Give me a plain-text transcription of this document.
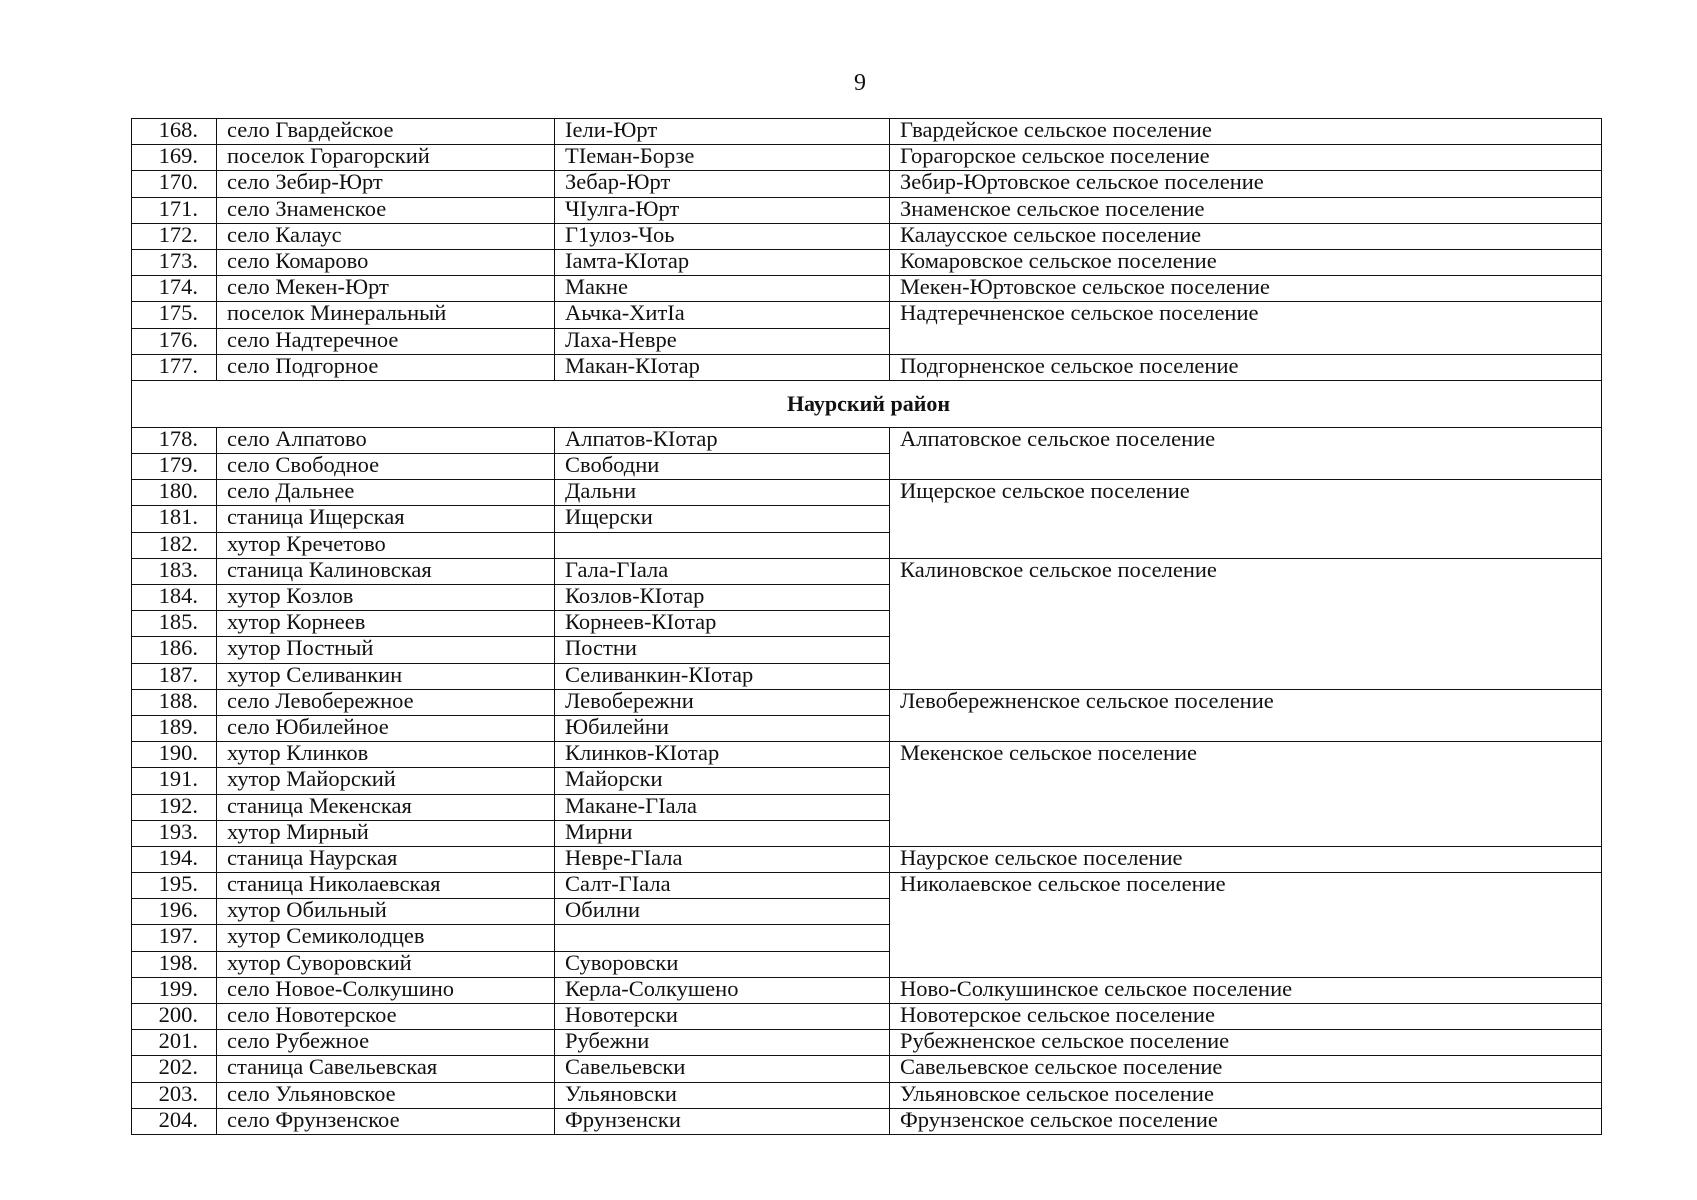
9
168.	село Гвардейское	Iели-Юрт	Гвардейское сельское поселение
169.	поселок Горагорский	ТIеман-Борзе	Горагорское сельское поселение
170.	село Зебир-Юрт	Зебар-Юрт	Зебир-Юртовское сельское поселение
171.	село Знаменское	ЧIулга-Юрт	Знаменское сельское поселение
172.	село Калаус	Г1улоз-Чоь	Калаусское сельское поселение
173.	село Комарово	Iамта-КIотар	Комаровское сельское поселение
174.	село Мекен-Юрт	Макне	Мекен-Юртовское сельское поселение
175.	поселок Минеральный	Аьчка-ХитIа	Надтеречненское сельское поселение
176.	село Надтеречное	Лаха-Невре	
177.	село Подгорное	Макан-КIотар	Подгорненское сельское поселение
Наурский район			
178.	село Алпатово	Алпатов-КIотар	Алпатовское сельское поселение
179.	село Свободное	Свободни	
180.	село Дальнее	Дальни	Ищерское сельское поселение
181.	станица Ищерская	Ищерски	
182.	хутор Кречетово		
183.	станица Калиновская	Гала-ГIала	Калиновское сельское поселение
184.	хутор Козлов	Козлов-КIотар	
185.	хутор Корнеев	Корнеев-КIотар	
186.	хутор Постный	Постни	
187.	хутор Селиванкин	Селиванкин-КIотар	
188.	село Левобережное	Левобережни	Левобережненское сельское поселение
189.	село Юбилейное	Юбилейни	
190.	хутор Клинков	Клинков-КIотар	Мекенское сельское поселение
191.	хутор Майорский	Майорски	
192.	станица Мекенская	Макане-ГIала	
193.	хутор Мирный	Мирни	
194.	станица Наурская	Невре-ГIала	Наурское сельское поселение
195.	станица Николаевская	Салт-ГIала	Николаевское сельское поселение
196.	хутор Обильный	Обилни	
197.	хутор Семиколодцев		
198.	хутор Суворовский	Суворовски	
199.	село Новое-Солкушино	Керла-Солкушено	Ново-Солкушинское сельское поселение
200.	село Новотерское	Новотерски	Новотерское сельское поселение
201.	село Рубежное	Рубежни	Рубежненское сельское поселение
202.	станица Савельевская	Савельевски	Савельевское сельское поселение
203.	село Ульяновское	Ульяновски	Ульяновское сельское поселение
204.	село Фрунзенское	Фрунзенски	Фрунзенское сельское поселение
